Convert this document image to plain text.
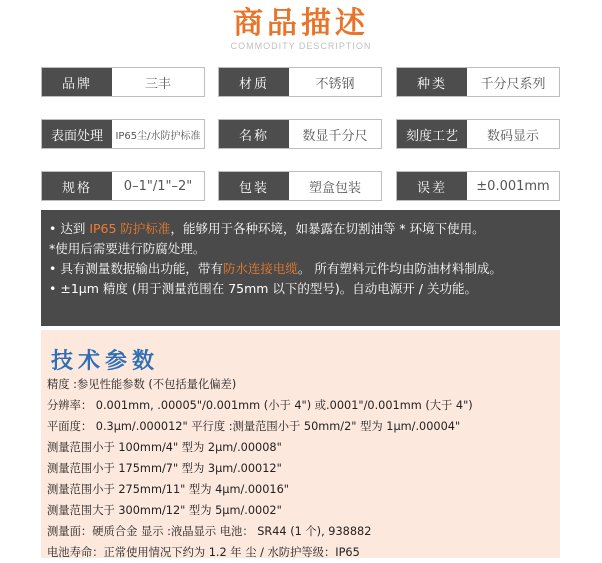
商品描述
COMMODITY DESCRIPTION
品牌	三丰	材质	不锈钢	种类	千分尺系列
表面处理	IP65尘/水防护标准	名称	数显千分尺	刻度工艺	数码显示
规格	0–1"/1"–2"	包装	塑盒包装	误差	±0.001mm
• 达到 IP65 防护标准，能够用于各种环境，如暴露在切割油等 * 环境下使用。
*使用后需要进行防腐处理。
• 具有测量数据输出功能，带有防水连接电缆。 所有塑料元件均由防油材料制成。
• ±1μm 精度 (用于测量范围在 75mm 以下的型号)。自动电源开 / 关功能。
技术参数
精度 :参见性能参数 (不包括量化偏差)
分辨率： 0.001mm, .00005"/0.001mm (小于 4") 或.0001"/0.001mm (大于 4")
平面度： 0.3μm/.000012" 平行度 :测量范围小于 50mm/2" 型为 1μm/.00004"
测量范围小于 100mm/4" 型为 2μm/.00008"
测量范围小于 175mm/7" 型为 3μm/.00012"
测量范围小于 275mm/11" 型为 4μm/.00016"
测量范围大于 300mm/12" 型为 5μm/.0002"
测量面：硬质合金 显示 :液晶显示 电池： SR44 (1 个), 938882
电池寿命：正常使用情况下约为 1.2 年 尘 / 水防护等级：IP65
